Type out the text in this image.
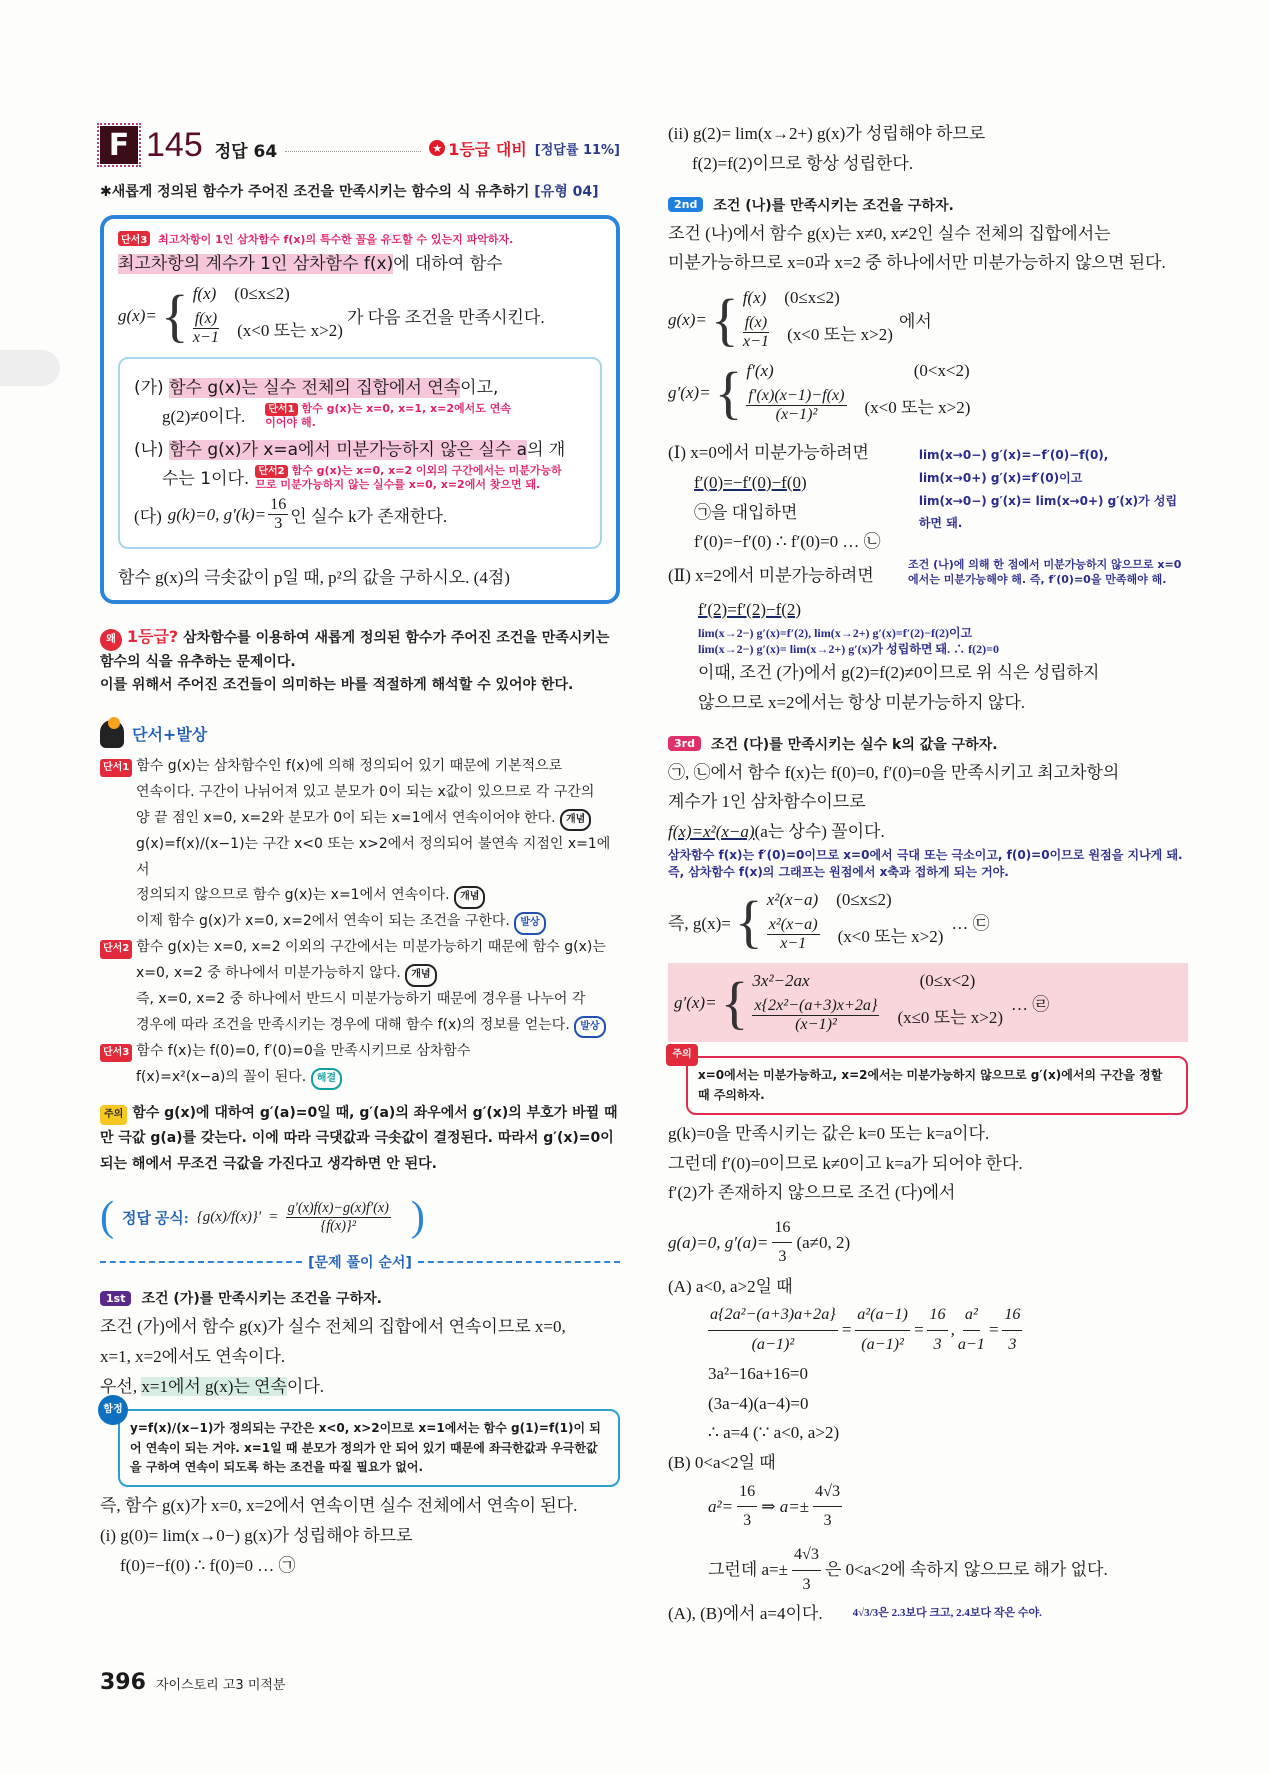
F 145 정답 64	★ 1등급 대비 [정답률 11%]
✱새롭게 정의된 함수가 주어진 조건을 만족시키는 함수의 식 유추하기 [유형 04]
단서3 최고차항이 1인 삼차함수 f(x)의 특수한 꼴을 유도할 수 있는지 파악하자.
최고차항의 계수가 1인 삼차함수 f(x)에 대하여 함수
g(x)= { f(x) (0≤x≤2)
$\frac{f(x)}{x-1} (x<0$ 또는 x>2)
가 다음 조건을 만족시킨다.
(가) 함수 g(x)는 실수 전체의 집합에서 연속이고,
g(2)≠0이다.	단서1 함수 g(x)는 x=0, x=1, x=2에서도 연속이어야 해.
(나) 함수 g(x)가 x=a에서 미분가능하지 않은 실수 a의 개
수는 1이다. 단서2 함수 g(x)는 x=0, x=2 이외의 구간에서는 미분가능하므로 미분가능하지 않는 실수를 x=0, x=2에서 찾으면 돼.
(다) g(k)=0, $g'(k)= \frac{16}{3}$ 인 실수 k가 존재한다.
함수 g(x)의 극솟값이 p일 때, p²의 값을 구하시오. (4점)
왜 1등급? 삼차함수를 이용하여 새롭게 정의된 함수가 주어진 조건을 만족시키는 함수의 식을 유추하는 문제이다.
이를 위해서 주어진 조건들이 의미하는 바를 적절하게 해석할 수 있어야 한다.
단서+발상
단서1 함수 g(x)는 삼차함수인 f(x)에 의해 정의되어 있기 때문에 기본적으로
연속이다. 구간이 나뉘어져 있고 분모가 0이 되는 x값이 있으므로 각 구간의
양 끝 점인 x=0, x=2와 분모가 0이 되는 x=1에서 연속이어야 한다. 개념
g(x)=f(x)/(x−1)는 구간 x<0 또는 x>2에서 정의되어 불연속 지점인 x=1에서
정의되지 않으므로 함수 g(x)는 x=1에서 연속이다. 개념
이제 함수 g(x)가 x=0, x=2에서 연속이 되는 조건을 구한다. 발상
단서2 함수 g(x)는 x=0, x=2 이외의 구간에서는 미분가능하기 때문에 함수 g(x)는
x=0, x=2 중 하나에서 미분가능하지 않다. 개념
즉, x=0, x=2 중 하나에서 반드시 미분가능하기 때문에 경우를 나누어 각
경우에 따라 조건을 만족시키는 경우에 대해 함수 f(x)의 정보를 얻는다. 발상
단서3 함수 f(x)는 f(0)=0, f′(0)=0을 만족시키므로 삼차함수
f(x)=x²(x−a)의 꼴이 된다. 해결
주의 함수 g(x)에 대하여 g′(a)=0일 때, g′(a)의 좌우에서 g′(x)의 부호가 바뀔 때만 극값 g(a)를 갖는다. 이에 따라 극댓값과 극솟값이 결정된다. 따라서 g′(x)=0이 되는 해에서 무조건 극값을 가진다고 생각하면 안 된다.
( 정답 공식: $\{g(x)/f(x)\}' = \frac{g'(x)f(x)-g(x)f'(x)}{\text{\{f(x)\}²}}$ )
[문제 풀이 순서]
1st	조건 (가)를 만족시키는 조건을 구하자.
조건 (가)에서 함수 g(x)가 실수 전체의 집합에서 연속이므로 x=0,
x=1, x=2에서도 연속이다.
우선, x=1에서 g(x)는 연속이다.
함정
y=f(x)/(x−1)가 정의되는 구간은 x<0, x>2이므로 x=1에서는 함수 g(1)=f(1)이 되어 연속이 되는 거야. x=1일 때 분모가 정의가 안 되어 있기 때문에 좌극한값과 우극한값을 구하여 연속이 되도록 하는 조건을 따질 필요가 없어.
즉, 함수 g(x)가 x=0, x=2에서 연속이면 실수 전체에서 연속이 된다.
(i) g(0)= lim(x→0−) g(x)가 성립해야 하므로
f(0)=−f(0) ∴ f(0)=0 … ㉠
(ii) g(2)= lim(x→2+) g(x)가 성립해야 하므로
f(2)=f(2)이므로 항상 성립한다.
2nd	조건 (나)를 만족시키는 조건을 구하자.
조건 (나)에서 함수 g(x)는 x≠0, x≠2인 실수 전체의 집합에서는
미분가능하므로 x=0과 x=2 중 하나에서만 미분가능하지 않으면 된다.
g(x)= { f(x) (0≤x≤2)
$\frac{f(x)}{x-1} (x<0$ 또는 x>2)
에서
g′(x)= { f′(x)	(0<x<2)
$\frac{f'(x)(x-1)-f(x)}{\text{(x−1)²}} (x<0$ 또는 x>2)
(Ⅰ) x=0에서 미분가능하려면
f′(0)=−f′(0)−f(0)
㉠을 대입하면
f′(0)=−f′(0) ∴ f′(0)=0 … ㉡
lim(x→0−) g′(x)=−f′(0)−f(0),
lim(x→0+) g′(x)=f′(0)이고
lim(x→0−) g′(x)= lim(x→0+) g′(x)가 성립하면 돼.
(Ⅱ) x=2에서 미분가능하려면
조건 (나)에 의해 한 점에서 미분가능하지 않으므로 x=0에서는 미분가능해야 해. 즉, f′(0)=0을 만족해야 해.
f′(2)=f′(2)−f(2)
lim(x→2−) g′(x)=f′(2), lim(x→2+) g′(x)=f′(2)−f(2)이고
lim(x→2−) g′(x)= lim(x→2+) g′(x)가 성립하면 돼. ∴ f(2)=0
이때, 조건 (가)에서 g(2)=f(2)≠0이므로 위 식은 성립하지
않으므로 x=2에서는 항상 미분가능하지 않다.
3rd	조건 (다)를 만족시키는 실수 k의 값을 구하자.
㉠, ㉡에서 함수 f(x)는 f(0)=0, f′(0)=0을 만족시키고 최고차항의
계수가 1인 삼차함수이므로
f(x)=x²(x−a)(a는 상수) 꼴이다.
삼차함수 f(x)는 f′(0)=0이므로 x=0에서 극대 또는 극소이고, f(0)=0이므로 원점을 지나게 돼. 즉, 삼차함수 f(x)의 그래프는 원점에서 x축과 접하게 되는 거야.
즉, g(x)= { x²(x−a) (0≤x≤2)
$\frac{\text{x²(x−a)}}{x-1} (x<0$ 또는 x>2)
… ㉢
g′(x)= { 3x²−2ax	(0≤x<2)
$\frac{\text{x\{2x²−(a+3)x+2a\}}}{\text{(x−1)²}} (x\le 0$ 또는 x>2)
… ㉣
주의
x=0에서는 미분가능하고, x=2에서는 미분가능하지 않으므로 g′(x)에서의 구간을 정할 때 주의하자.
g(k)=0을 만족시키는 값은 k=0 또는 k=a이다.
그런데 f′(0)=0이므로 k≠0이고 k=a가 되어야 한다.
f′(2)가 존재하지 않으므로 조건 (다)에서
g(a)=0, $g'(a)= \frac{16}{3} (a\ne 0$, 2)
(A) a<0, a>2일 때
$\frac{\text{a\{2a²−(a+3)a+2a\}}}{\text{(a−1)²}} = \frac{\text{a²(a−1)}}{\text{(a−1)²}} = \frac{16}{3}$ , $\frac{\text{a²}}{a-1} = \frac{16}{3}$
3a²−16a+16=0
(3a−4)(a−4)=0
∴ a=4 (∵ a<0, a>2)
(B) 0<a<2일 때
$a^2= \frac{16}{3}$ ⇒ $a=\pm \frac{4√3}{3}$
그런데 $a=\pm \frac{4√3}{3}$ 은 0<a<2에 속하지 않으므로 해가 없다.
(A), (B)에서 a=4이다.	4√3/3은 2.3보다 크고, 2.4보다 작은 수야.
396 자이스토리 고3 미적분
